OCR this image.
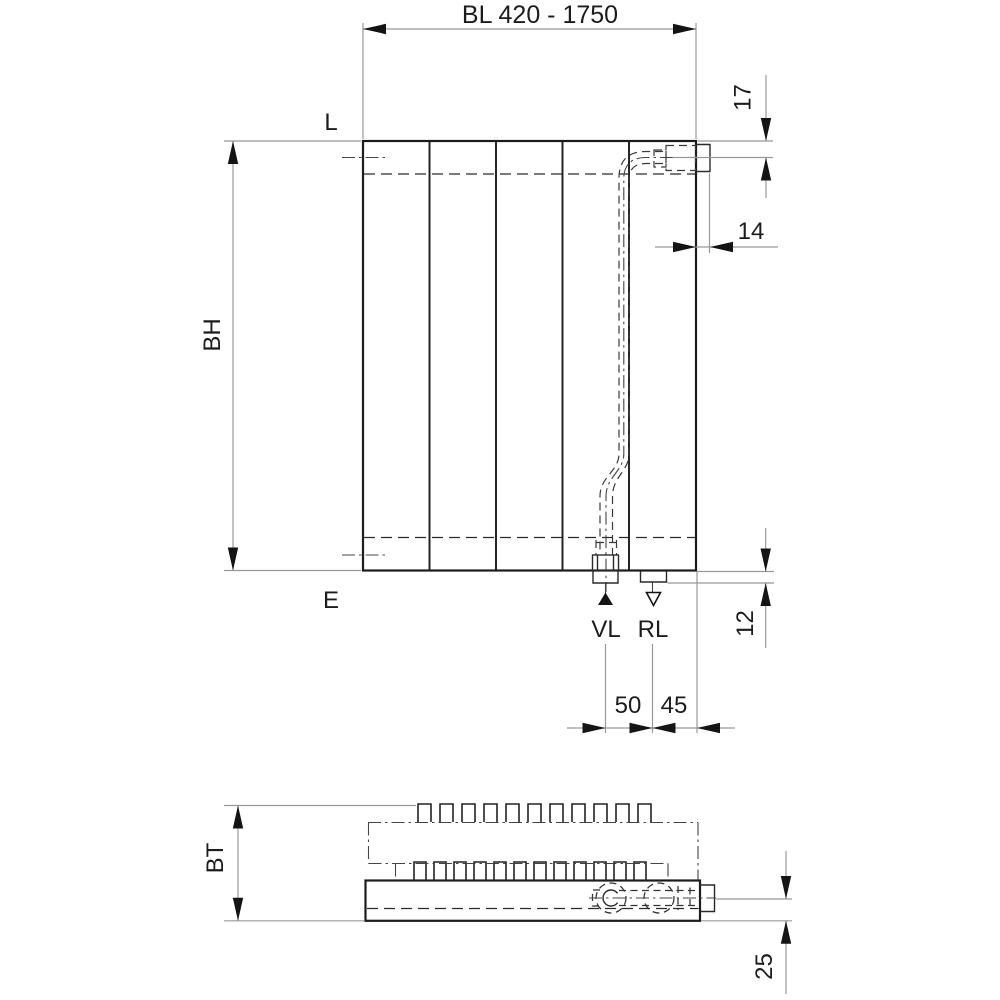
BL 420 - 1750
BH
L
E
17
14
12
50 45
VL RL
BT
25
